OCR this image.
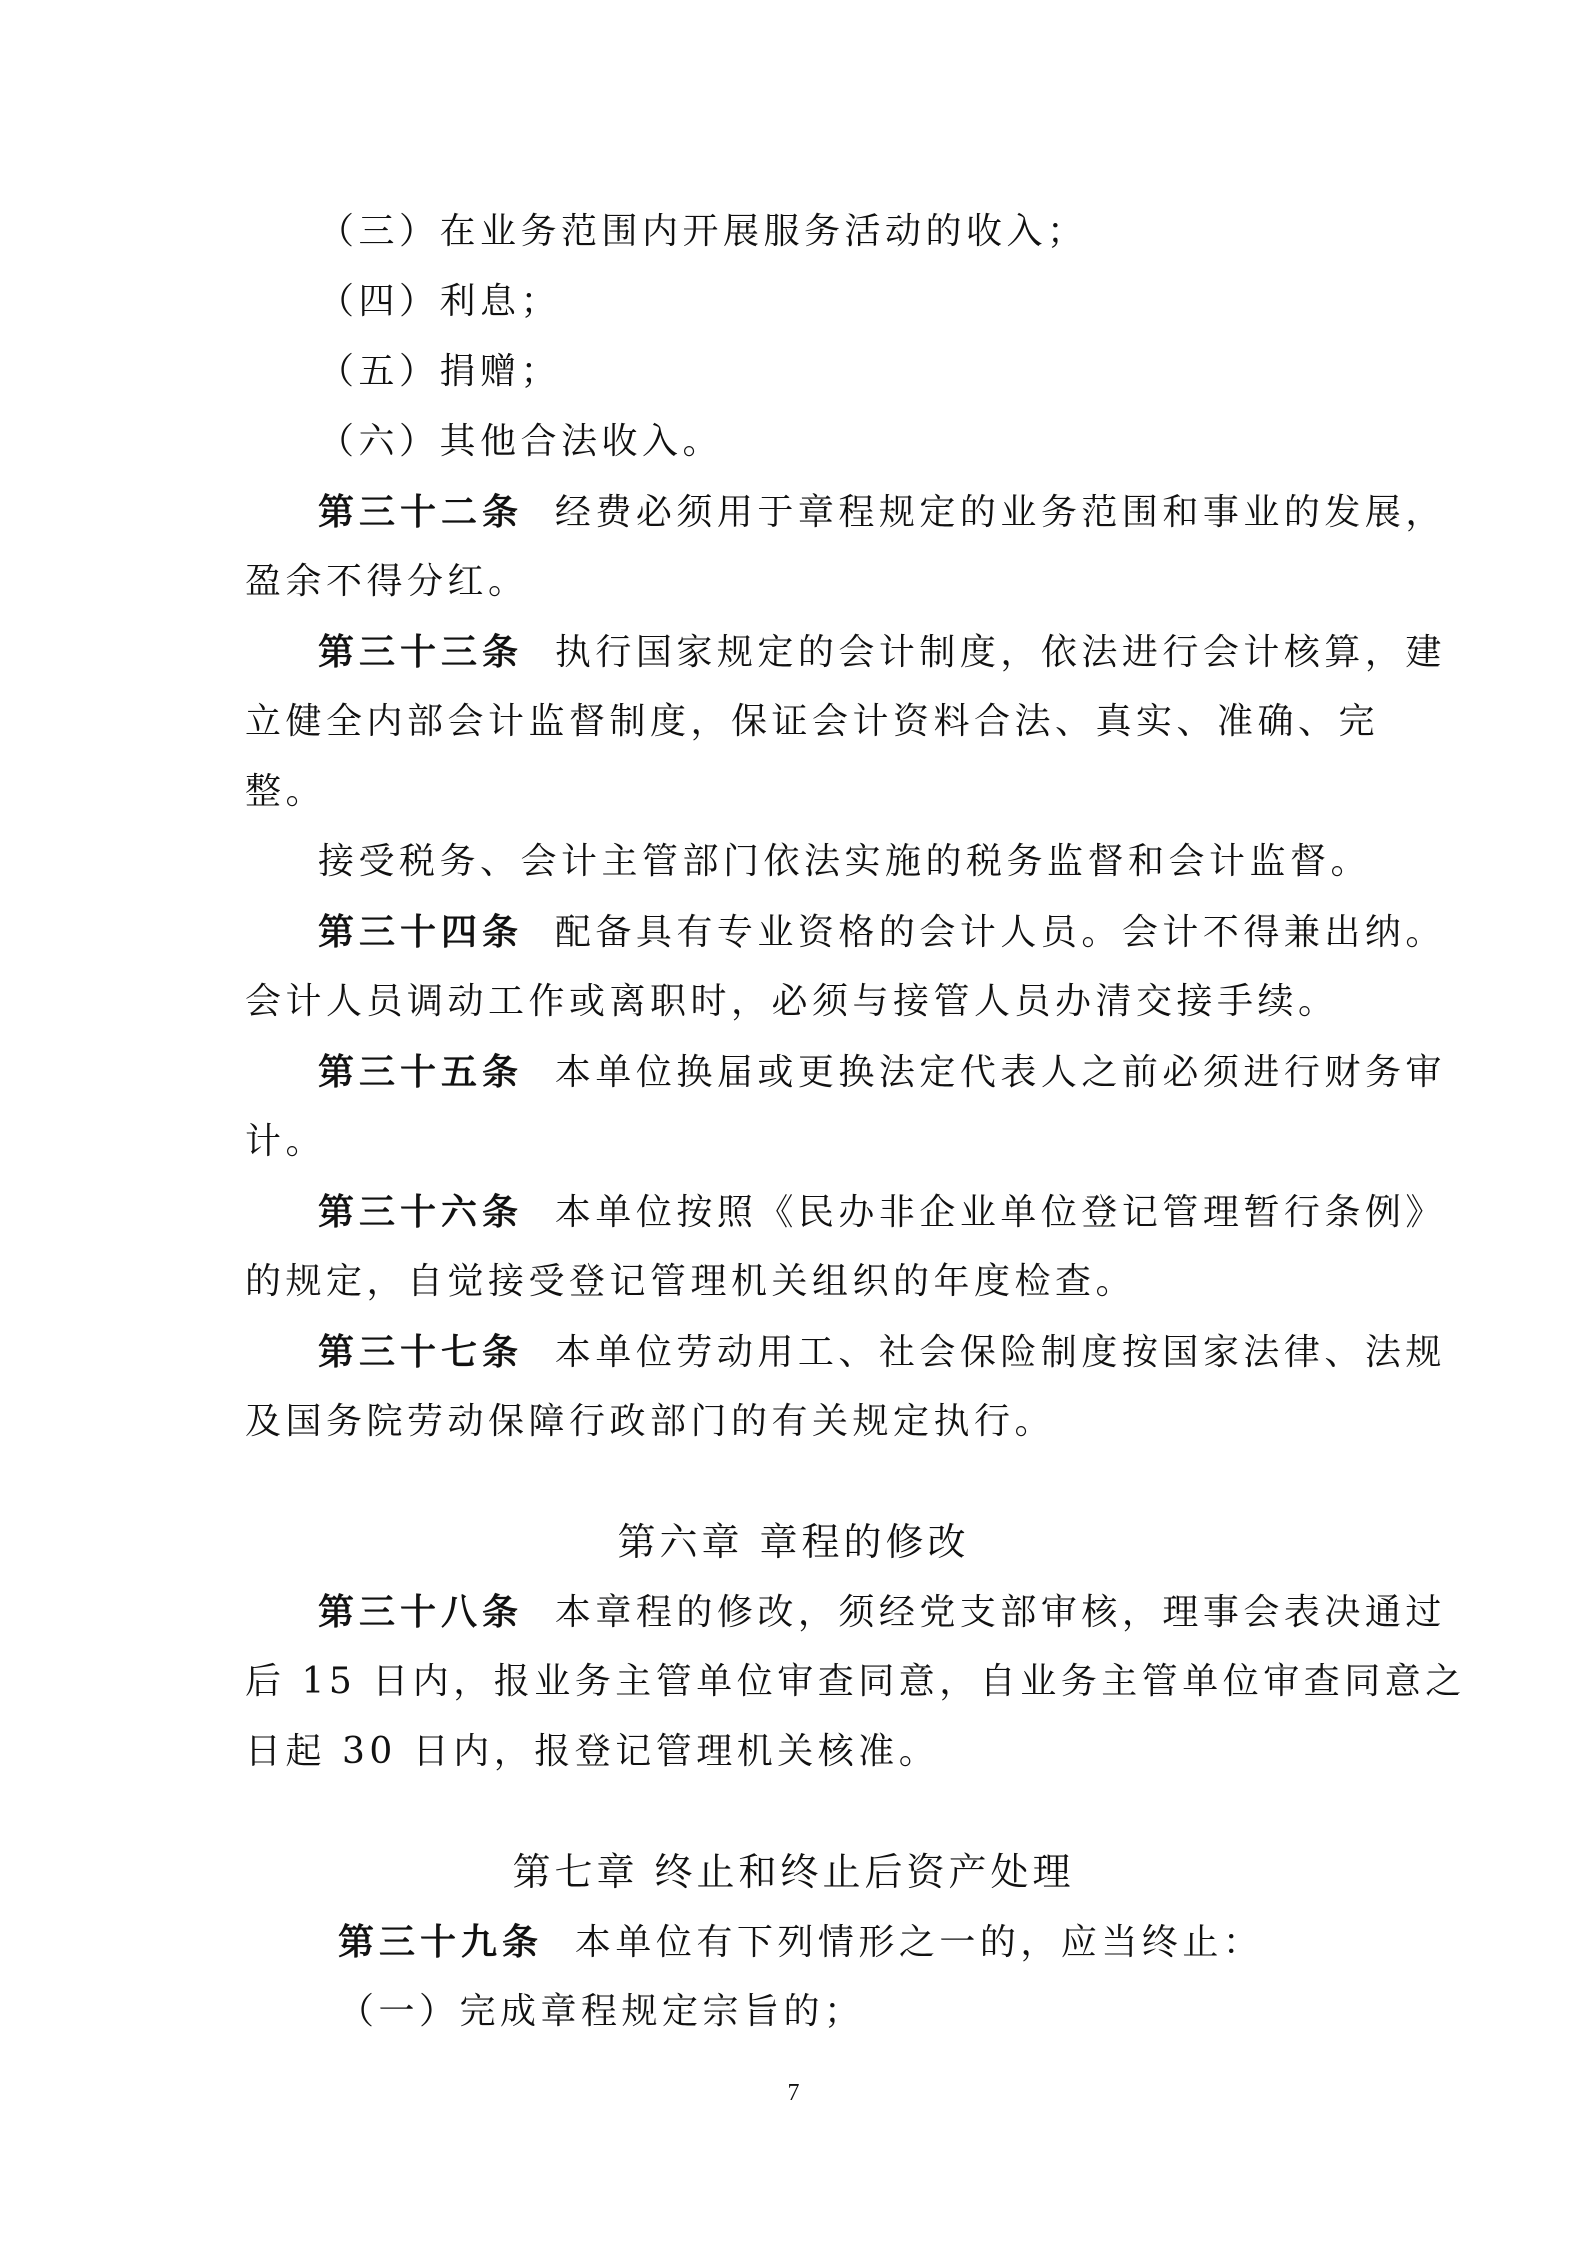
（三）在业务范围内开展服务活动的收入；
（四）利息；
（五）捐赠；
（六）其他合法收入。
第三十二条 经费必须用于章程规定的业务范围和事业的发展，
盈余不得分红。
第三十三条 执行国家规定的会计制度，依法进行会计核算，建
立健全内部会计监督制度，保证会计资料合法、真实、准确、完
整。
接受税务、会计主管部门依法实施的税务监督和会计监督。
第三十四条 配备具有专业资格的会计人员。会计不得兼出纳。
会计人员调动工作或离职时，必须与接管人员办清交接手续。
第三十五条 本单位换届或更换法定代表人之前必须进行财务审
计。
第三十六条 本单位按照《民办非企业单位登记管理暂行条例》
的规定，自觉接受登记管理机关组织的年度检查。
第三十七条 本单位劳动用工、社会保险制度按国家法律、法规
及国务院劳动保障行政部门的有关规定执行。
第六章 章程的修改
第三十八条 本章程的修改，须经党支部审核，理事会表决通过
后 15 日内，报业务主管单位审查同意，自业务主管单位审查同意之
日起 30 日内，报登记管理机关核准。
第七章 终止和终止后资产处理
第三十九条 本单位有下列情形之一的，应当终止：
（一）完成章程规定宗旨的；
7
